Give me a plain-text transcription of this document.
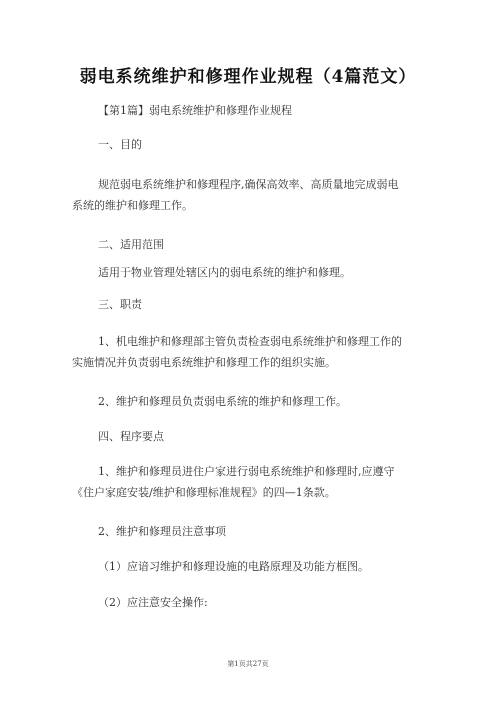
弱电系统维护和修理作业规程（4篇范文）
【第1篇】弱电系统维护和修理作业规程
一、目的
规范弱电系统维护和修理程序,确保高效率、高质量地完成弱电
系统的维护和修理工作。
二、适用范围
适用于物业管理处辖区内的弱电系统的维护和修理。
三、职责
1、机电维护和修理部主管负责检查弱电系统维护和修理工作的
实施情况并负责弱电系统维护和修理工作的组织实施。
2、维护和修理员负责弱电系统的维护和修理工作。
四、程序要点
1、维护和修理员进住户家进行弱电系统维护和修理时,应遵守
《住户家庭安装/维护和修理标准规程》的四—1条款。
2、维护和修理员注意事项
（1）应谙习维护和修理设施的电路原理及功能方框图。
（2）应注意安全操作:
第1页共27页
